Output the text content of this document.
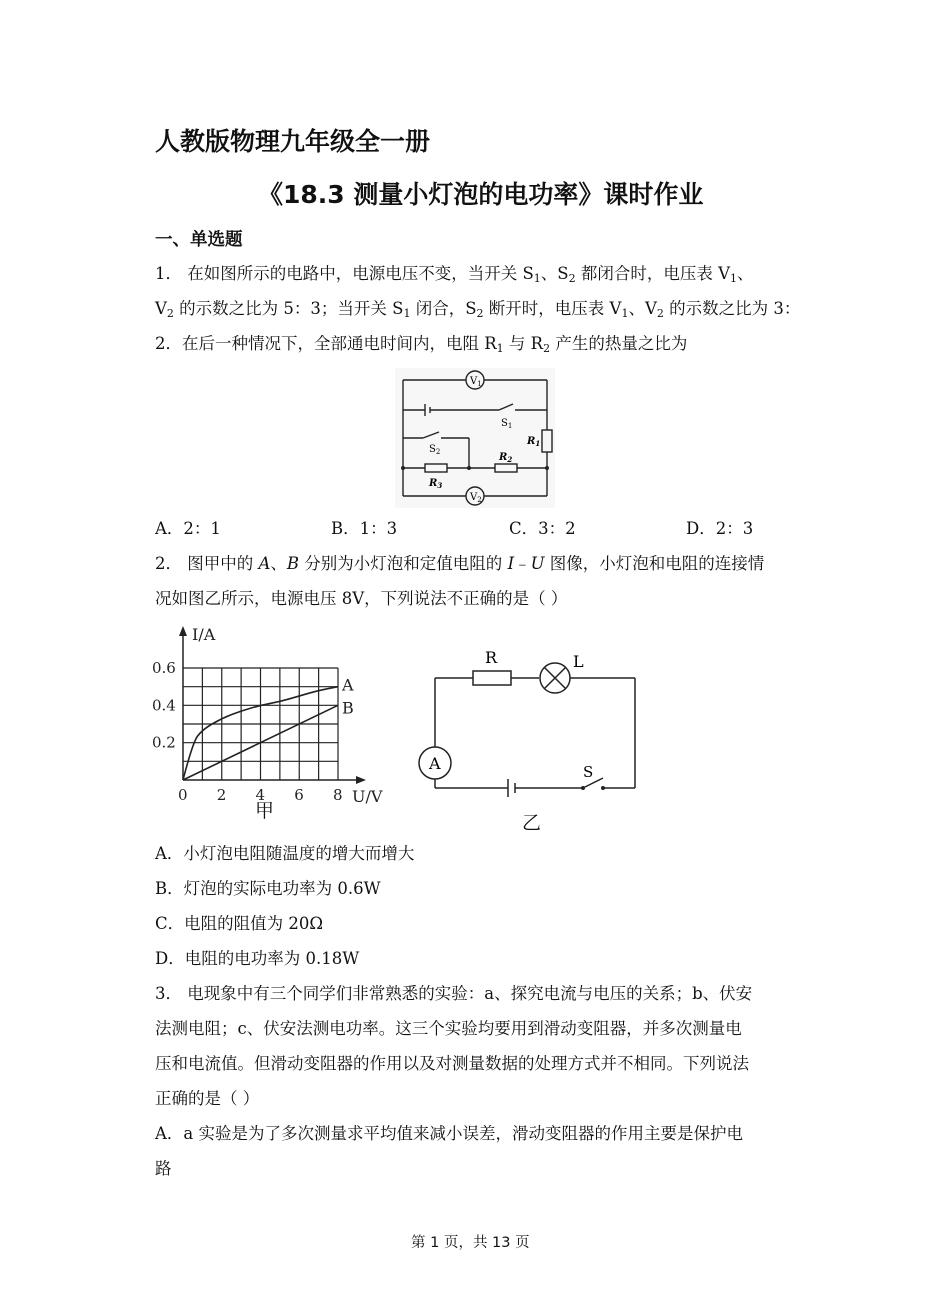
人教版物理九年级全一册
《18.3 测量小灯泡的电功率》课时作业
一、单选题
1． 在如图所示的电路中，电源电压不变，当开关 $S_1$、$S_2$ 都闭合时，电压表 $V_1$、
$V_2$ 的示数之比为 5：3；当开关 $S_1$ 闭合，$S_2$ 断开时，电压表 $V_1$、$V_2$ 的示数之比为 3：
2．在后一种情况下，全部通电时间内，电阻 $R_1$ 与 $R_2$ 产生的热量之比为
$V_1$
$V_2$
$S_1$
$S_2$
$R_1$
$R_2$
$R_3$
A．2：1	B．1：3	C．3：2	D．2：3
2． 图甲中的 A、B 分别为小灯泡和定值电阻的 I﹣U 图像，小灯泡和电阻的连接情
况如图乙所示，电源电压 8V，下列说法不正确的是（ ）
A
B
0 2 4 6 8
0.2
0.4
0.6
U/V
I/A
甲
R	L
A	S
乙
A．小灯泡电阻随温度的增大而增大
B．灯泡的实际电功率为 0.6W
C．电阻的阻值为 20Ω
D．电阻的电功率为 0.18W
3． 电现象中有三个同学们非常熟悉的实验：a、探究电流与电压的关系；b、伏安
法测电阻；c、伏安法测电功率。这三个实验均要用到滑动变阻器，并多次测量电
压和电流值。但滑动变阻器的作用以及对测量数据的处理方式并不相同。下列说法
正确的是（ ）
A．a 实验是为了多次测量求平均值来减小误差，滑动变阻器的作用主要是保护电
路
第 1 页，共 13 页
